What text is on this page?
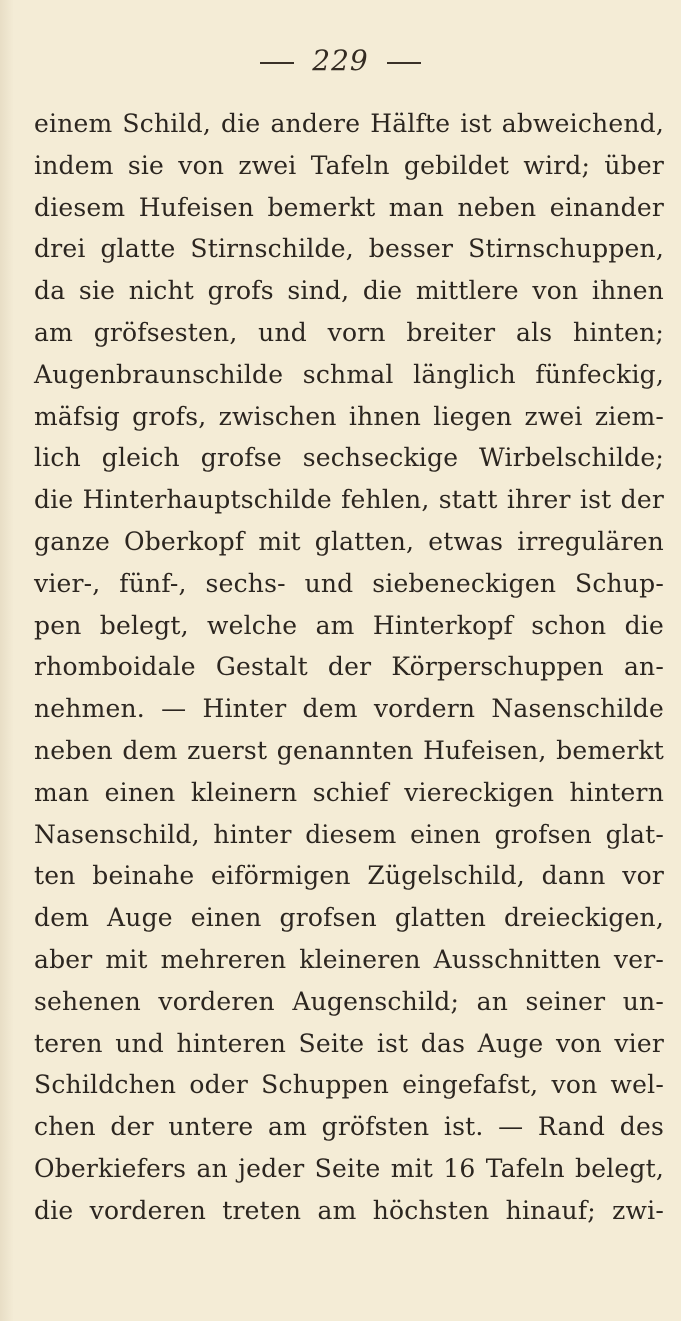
229
einem Schild, die andere Hälfte ist abweichend,
indem sie von zwei Tafeln gebildet wird; über
diesem Hufeisen bemerkt man neben einander
drei glatte Stirnschilde, besser Stirnschuppen,
da sie nicht grofs sind, die mittlere von ihnen
am gröfsesten, und vorn breiter als hinten;
Augenbraunschilde schmal länglich fünfeckig,
mäfsig grofs, zwischen ihnen liegen zwei ziem-
lich gleich grofse sechseckige Wirbelschilde;
die Hinterhauptschilde fehlen, statt ihrer ist der
ganze Oberkopf mit glatten, etwas irregulären
vier-, fünf-, sechs- und siebeneckigen Schup-
pen belegt, welche am Hinterkopf schon die
rhomboidale Gestalt der Körperschuppen an-
nehmen. — Hinter dem vordern Nasenschilde
neben dem zuerst genannten Hufeisen, bemerkt
man einen kleinern schief viereckigen hintern
Nasenschild, hinter diesem einen grofsen glat-
ten beinahe eiförmigen Zügelschild, dann vor
dem Auge einen grofsen glatten dreieckigen,
aber mit mehreren kleineren Ausschnitten ver-
sehenen vorderen Augenschild; an seiner un-
teren und hinteren Seite ist das Auge von vier
Schildchen oder Schuppen eingefafst, von wel-
chen der untere am gröfsten ist. — Rand des
Oberkiefers an jeder Seite mit 16 Tafeln belegt,
die vorderen treten am höchsten hinauf; zwi-
